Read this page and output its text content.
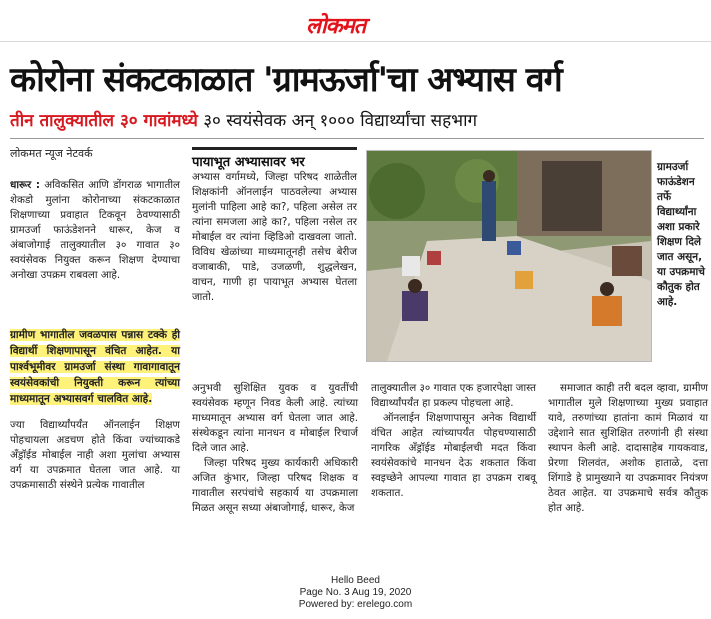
लोकमत
कोरोना संकटकाळात 'ग्रामऊर्जा'चा अभ्यास वर्ग
तीन तालुक्यातील ३० गावांमध्ये ३० स्वयंसेवक अन् १००० विद्यार्थ्यांचा सहभाग
लोकमत न्यूज नेटवर्क
धारूर : अविकसित आणि डोंगराळ भागातील शेकडो मुलांना कोरोनाच्या संकटकाळात शिक्षणाच्या प्रवाहात टिकवून ठेवण्यासाठी ग्रामउर्जा फाऊंडेशनने धारूर, केज व अंबाजोगाई तालुक्यातील ३० गावात ३० स्वयंसेवक नियुक्त करून शिक्षण देण्याचा अनोखा उपक्रम राबवला आहे.
ग्रामीण भागातील जवळपास पन्नास टक्के ही विद्यार्थी शिक्षणापासून वंचित आहेत. या पार्श्वभूमीवर ग्रामउर्जा संस्था गावागावातून स्वयंसेवकांची नियुक्ती करून त्यांच्या माध्यमातून अभ्यासवर्ग चालवित आहे.
ज्या विद्यार्थ्यांपर्यंत ऑनलाईन शिक्षण पोहचायला अडचण होते किंवा ज्यांच्याकडे अँड्रॉईड मोबाईल नाही अशा मुलांचा अभ्यास वर्ग या उपक्रमात घेतला जात आहे. या उपक्रमासाठी संस्थेने प्रत्येक गावातील
पायाभूत अभ्यासावर भर
अभ्यास वर्गामध्ये, जिल्हा परिषद शाळेतील शिक्षकांनी ऑनलाईन पाठवलेल्या अभ्यास मुलांनी पाहिला आहे का?, पहिला असेल तर त्यांना समजला आहे का?, पहिला नसेल तर मोबाईल वर त्यांना व्हिडिओ दाखवला जातो. विविध खेळांच्या माध्यमातूनही तसेच बेरीज वजाबाकी, पाडे, उजळणी, शुद्धलेखन, वाचन, गाणी हा पायाभूत अभ्यास घेतला जातो.
ग्रामउर्जा फाऊंडेशन तर्फे विद्यार्थ्यांना अशा प्रकारे शिक्षण दिले जात असून, या उपक्रमाचे कौतुक होत आहे.
अनुभवी सुशिक्षित युवक व युवतींची स्वयंसेवक म्हणून निवड केली आहे. त्यांच्या माध्यमातून अभ्यास वर्ग घेतला जात आहे. संस्थेकडून त्यांना मानधन व मोबाईल रिचार्ज दिले जात आहे.
जिल्हा परिषद मुख्य कार्यकारी अधिकारी अजित कुंभार, जिल्हा परिषद शिक्षक व गावातील सरपंचांचे सहकार्य या उपक्रमाला मिळत असून सध्या अंबाजोगाई, धारूर, केज
तालुक्यातील ३० गावात एक हजारपेक्षा जास्त विद्यार्थ्यांपर्यंत हा प्रकल्प पोहचला आहे.
ऑनलाईन शिक्षणापासून अनेक विद्यार्थी वंचित आहेत त्यांच्यापर्यंत पोहचण्यासाठी नागरिक अँड्रॉईड मोबाईलची मदत किंवा स्वयंसेवकांचे मानधन देऊ शकतात किंवा स्वइच्छेने आपल्या गावात हा उपक्रम राबवू शकतात.
समाजात काही तरी बदल व्हावा, ग्रामीण भागातील मुले शिक्षणाच्या मुख्य प्रवाहात यावे, तरुणांच्या हातांना कामं मिळावं या उद्देशाने सात सुशिक्षित तरुणांनी ही संस्था स्थापन केली आहे. दादासाहेब गायकवाड, प्रेरणा शिलवंत, अशोक हाताळे, दत्ता शिंगाडे हे प्रामुख्याने या उपक्रमावर नियंत्रण ठेवत आहेत. या उपक्रमाचे सर्वत्र कौतुक होत आहे.
Hello Beed
Page No. 3 Aug 19, 2020
Powered by: erelego.com
